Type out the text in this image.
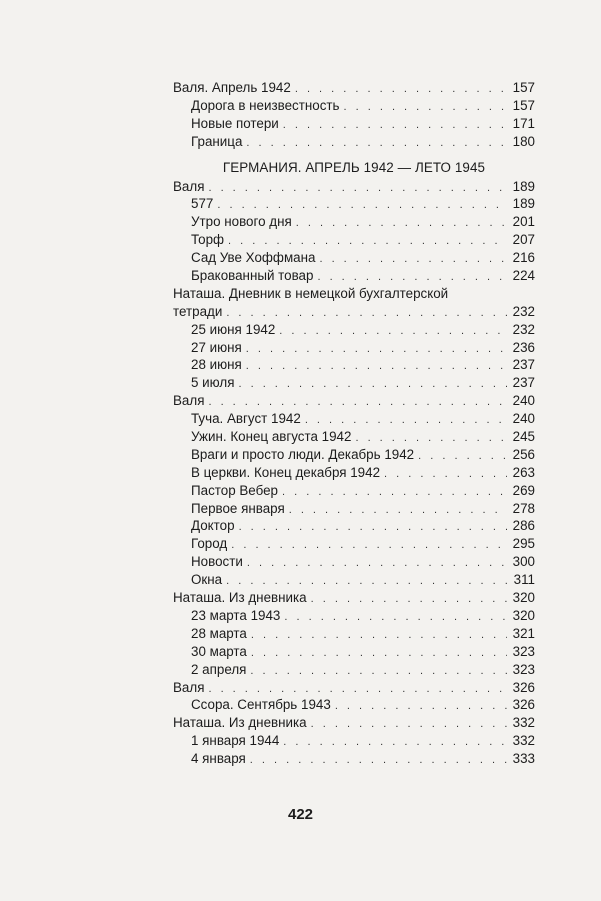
Валя. Апрель 1942 . . .	157
Дорога в неизвестность . . .	157
Новые потери . . .	171
Граница . . .	180
ГЕРМАНИЯ. АПРЕЛЬ 1942 — ЛЕТО 1945
Валя . . .	189
577 . . .	189
Утро нового дня . . .	201
Торф . . .	207
Сад Уве Хоффмана . . .	216
Бракованный товар . . .	224
Наташа. Дневник в немецкой бухгалтерской
тетради . . .	232
25 июня 1942 . . .	232
27 июня . . .	236
28 июня . . .	237
5 июля . . .	237
Валя . . .	240
Туча. Август 1942 . . .	240
Ужин. Конец августа 1942 . . .	245
Враги и просто люди. Декабрь 1942 . . .	256
В церкви. Конец декабря 1942 . . .	263
Пастор Вебер . . .	269
Первое января . . .	278
Доктор . . .	286
Город . . .	295
Новости . . .	300
Окна . . .	311
Наташа. Из дневника . . .	320
23 марта 1943 . . .	320
28 марта . . .	321
30 марта . . .	323
2 апреля . . .	323
Валя . . .	326
Ссора. Сентябрь 1943 . . .	326
Наташа. Из дневника . . .	332
1 января 1944 . . .	332
4 января . . .	333
422
